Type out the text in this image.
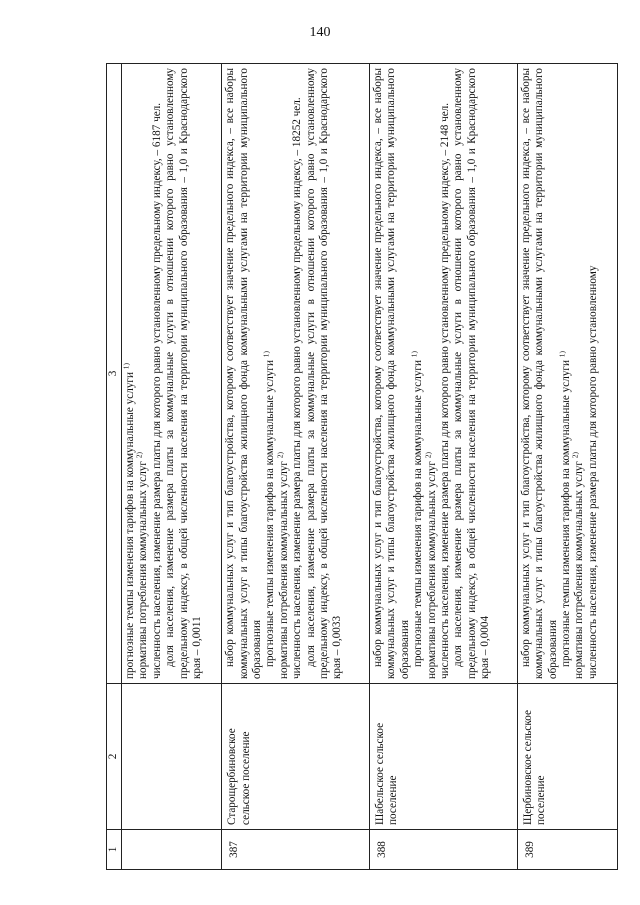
140
1	2	3

		прогнозные темпы изменения тарифов на коммунальные услуги $^{1)}$

нормативы потребления коммунальных услуг $^{2)}$ численность населения, изменение размера платы для которого равно установленному предельному индексу, – 6187 чел. доля населения, изменение размера платы за коммунальные услуги в отношении которого равно установленному предельному индексу, в общей численности населения на территории муниципального образования – 1,0 и Краснодарского края – 0,0011

387	Старощербиновское сельское поселение	набор коммунальных услуг и тип благоустройства, которому соответствует значение предельного индекса, – все наборы коммунальных услуг и типы благоустройства жилищного фонда коммунальными услугами на территории муниципального образования прогнозные темпы изменения тарифов на коммунальные услуги $^{1)}$

нормативы потребления коммунальных услуг $^{2)}$ численность населения, изменение размера платы для которого равно установленному предельному индексу, – 18252 чел. доля населения, изменение размера платы за коммунальные услуги в отношении которого равно установленному предельному индексу, в общей численности населения на территории муниципального образования – 1,0 и Краснодарского края – 0,0033

388	Шабельское сельское поселение	набор коммунальных услуг и тип благоустройства, которому соответствует значение предельного индекса, – все наборы коммунальных услуг и типы благоустройства жилищного фонда коммунальными услугами на территории муниципального образования прогнозные темпы изменения тарифов на коммунальные услуги $^{1)}$

нормативы потребления коммунальных услуг $^{2)}$ численность населения, изменение размера платы для которого равно установленному предельному индексу, – 2148 чел. доля населения, изменение размера платы за коммунальные услуги в отношении которого равно установленному предельному индексу, в общей численности населения на территории муниципального образования – 1,0 и Краснодарского края – 0,0004

389	Щербиновское сельское поселение	набор коммунальных услуг и тип благоустройства, которому соответствует значение предельного индекса, – все наборы коммунальных услуг и типы благоустройства жилищного фонда коммунальными услугами на территории муниципального образования прогнозные темпы изменения тарифов на коммунальные услуги $^{1)}$

нормативы потребления коммунальных услуг $^{2)}$ численность населения, изменение размера платы для которого равно установленному
